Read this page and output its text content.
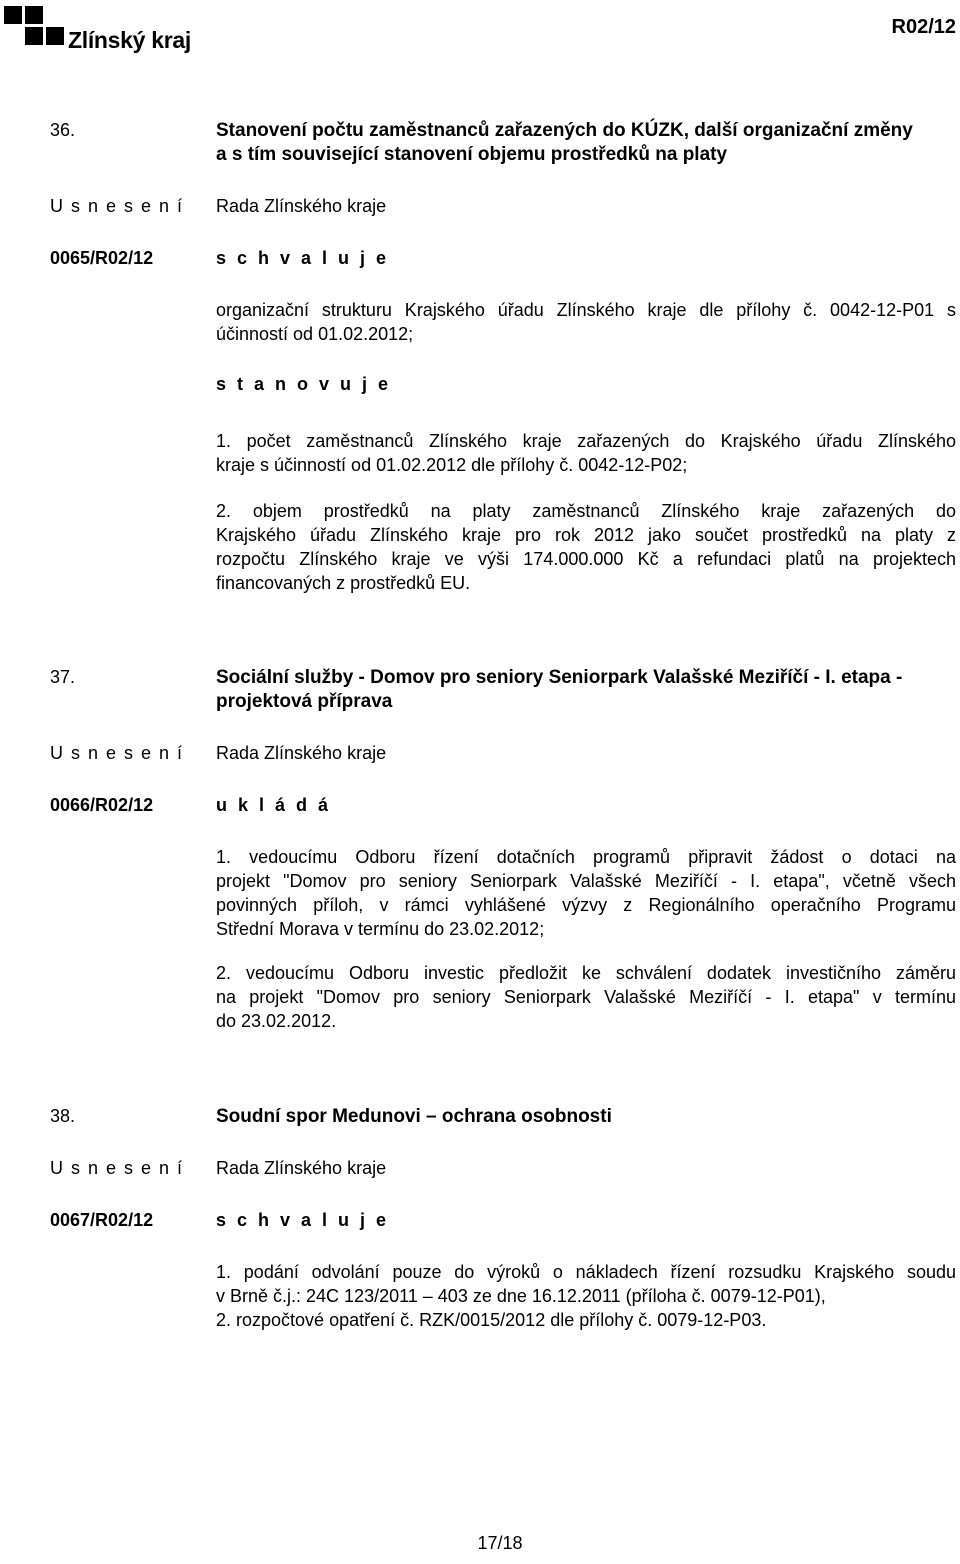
Zlínský kraj	R02/12
36.	Stanovení počtu zaměstnanců zařazených do KÚZK, další organizační změny
a s tím související stanovení objemu prostředků na platy
U s n e s e n í Rada Zlínského kraje
0065/R02/12	s c h v a l u j e
organizační strukturu Krajského úřadu Zlínského kraje dle přílohy č. 0042-12-P01 s
účinností od 01.02.2012;
s t a n o v u j e
1. počet zaměstnanců Zlínského kraje zařazených do Krajského úřadu Zlínského
kraje s účinností od 01.02.2012 dle přílohy č. 0042-12-P02;
2. objem prostředků na platy zaměstnanců Zlínského kraje zařazených do
Krajského úřadu Zlínského kraje pro rok 2012 jako součet prostředků na platy z
rozpočtu Zlínského kraje ve výši 174.000.000 Kč a refundaci platů na projektech
financovaných z prostředků EU.
37.	Sociální služby - Domov pro seniory Seniorpark Valašské Meziříčí - I. etapa -
projektová příprava
U s n e s e n í Rada Zlínského kraje
0066/R02/12	u k l á d á
1. vedoucímu Odboru řízení dotačních programů připravit žádost o dotaci na
projekt "Domov pro seniory Seniorpark Valašské Meziříčí - I. etapa", včetně všech
povinných příloh, v rámci vyhlášené výzvy z Regionálního operačního Programu
Střední Morava v termínu do 23.02.2012;
2. vedoucímu Odboru investic předložit ke schválení dodatek investičního záměru
na projekt "Domov pro seniory Seniorpark Valašské Meziříčí - I. etapa" v termínu
do 23.02.2012.
38.	Soudní spor Medunovi – ochrana osobnosti
U s n e s e n í Rada Zlínského kraje
0067/R02/12	s c h v a l u j e
1. podání odvolání pouze do výroků o nákladech řízení rozsudku Krajského soudu
v Brně č.j.: 24C 123/2011 – 403 ze dne 16.12.2011 (příloha č. 0079-12-P01),
2. rozpočtové opatření č. RZK/0015/2012 dle přílohy č. 0079-12-P03.
17/18
